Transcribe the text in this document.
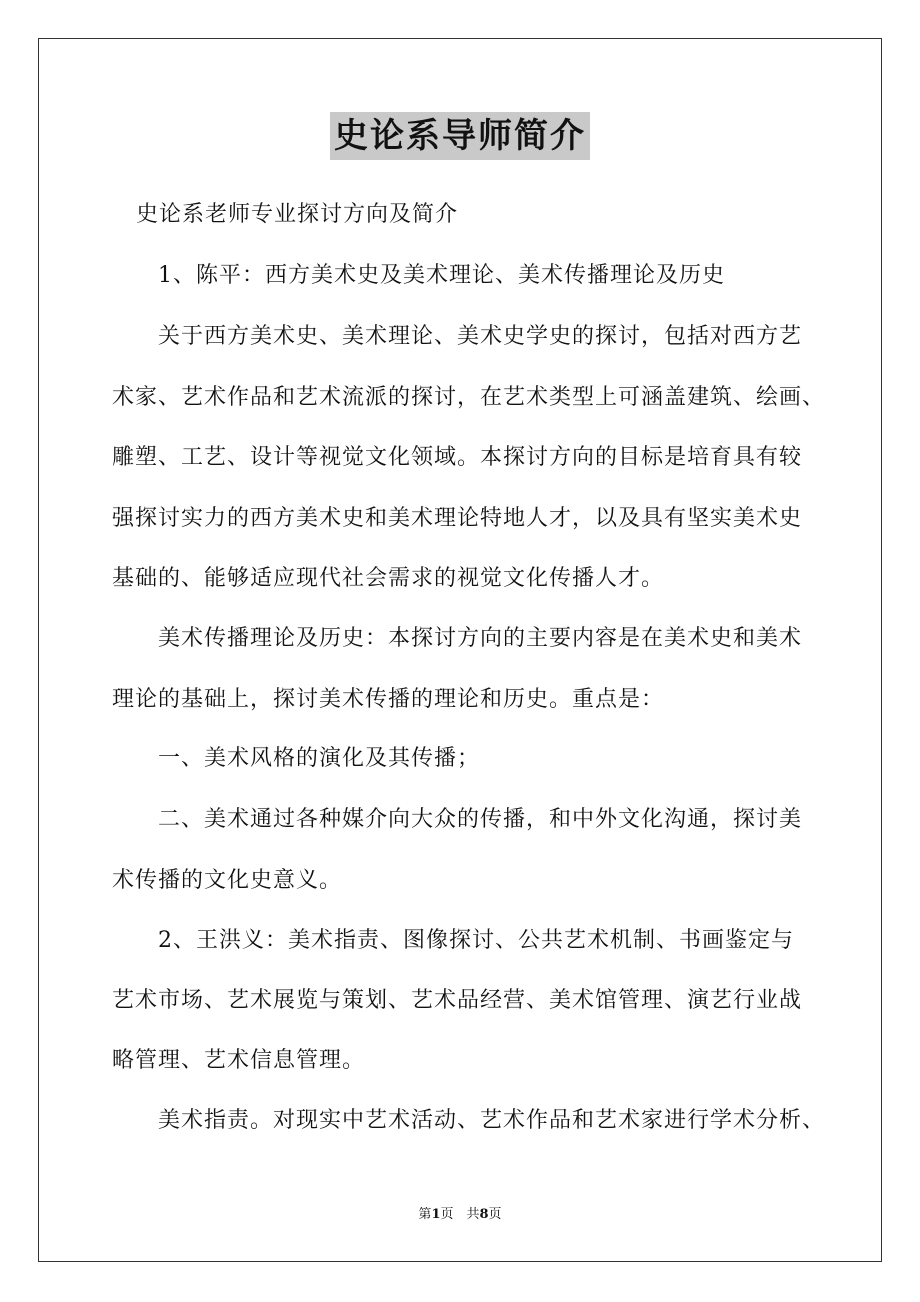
史论系导师简介
史论系老师专业探讨方向及简介
1、陈平：西方美术史及美术理论、美术传播理论及历史
关于西方美术史、美术理论、美术史学史的探讨，包括对西方艺
术家、艺术作品和艺术流派的探讨，在艺术类型上可涵盖建筑、绘画、
雕塑、工艺、设计等视觉文化领域。本探讨方向的目标是培育具有较
强探讨实力的西方美术史和美术理论特地人才，以及具有坚实美术史
基础的、能够适应现代社会需求的视觉文化传播人才。
美术传播理论及历史：本探讨方向的主要内容是在美术史和美术
理论的基础上，探讨美术传播的理论和历史。重点是：
一、美术风格的演化及其传播；
二、美术通过各种媒介向大众的传播，和中外文化沟通，探讨美
术传播的文化史意义。
2、王洪义：美术指责、图像探讨、公共艺术机制、书画鉴定与
艺术市场、艺术展览与策划、艺术品经营、美术馆管理、演艺行业战
略管理、艺术信息管理。
美术指责。对现实中艺术活动、艺术作品和艺术家进行学术分析、
第1页　共8页
